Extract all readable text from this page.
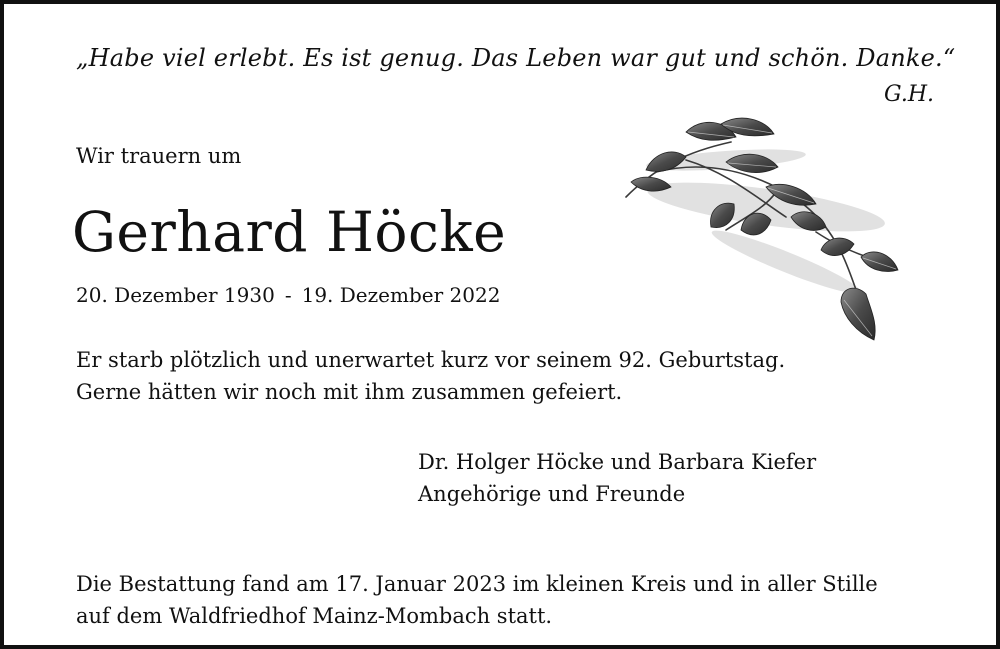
„Habe viel erlebt. Es ist genug. Das Leben war gut und schön. Danke.“
G.H.
Wir trauern um
Gerhard Höcke
20. Dezember 1930 - 19. Dezember 2022
Er starb plötzlich und unerwartet kurz vor seinem 92. Geburtstag.
Gerne hätten wir noch mit ihm zusammen gefeiert.
Dr. Holger Höcke und Barbara Kiefer
Angehörige und Freunde
Die Bestattung fand am 17. Januar 2023 im kleinen Kreis und in aller Stille
auf dem Waldfriedhof Mainz-Mombach statt.
